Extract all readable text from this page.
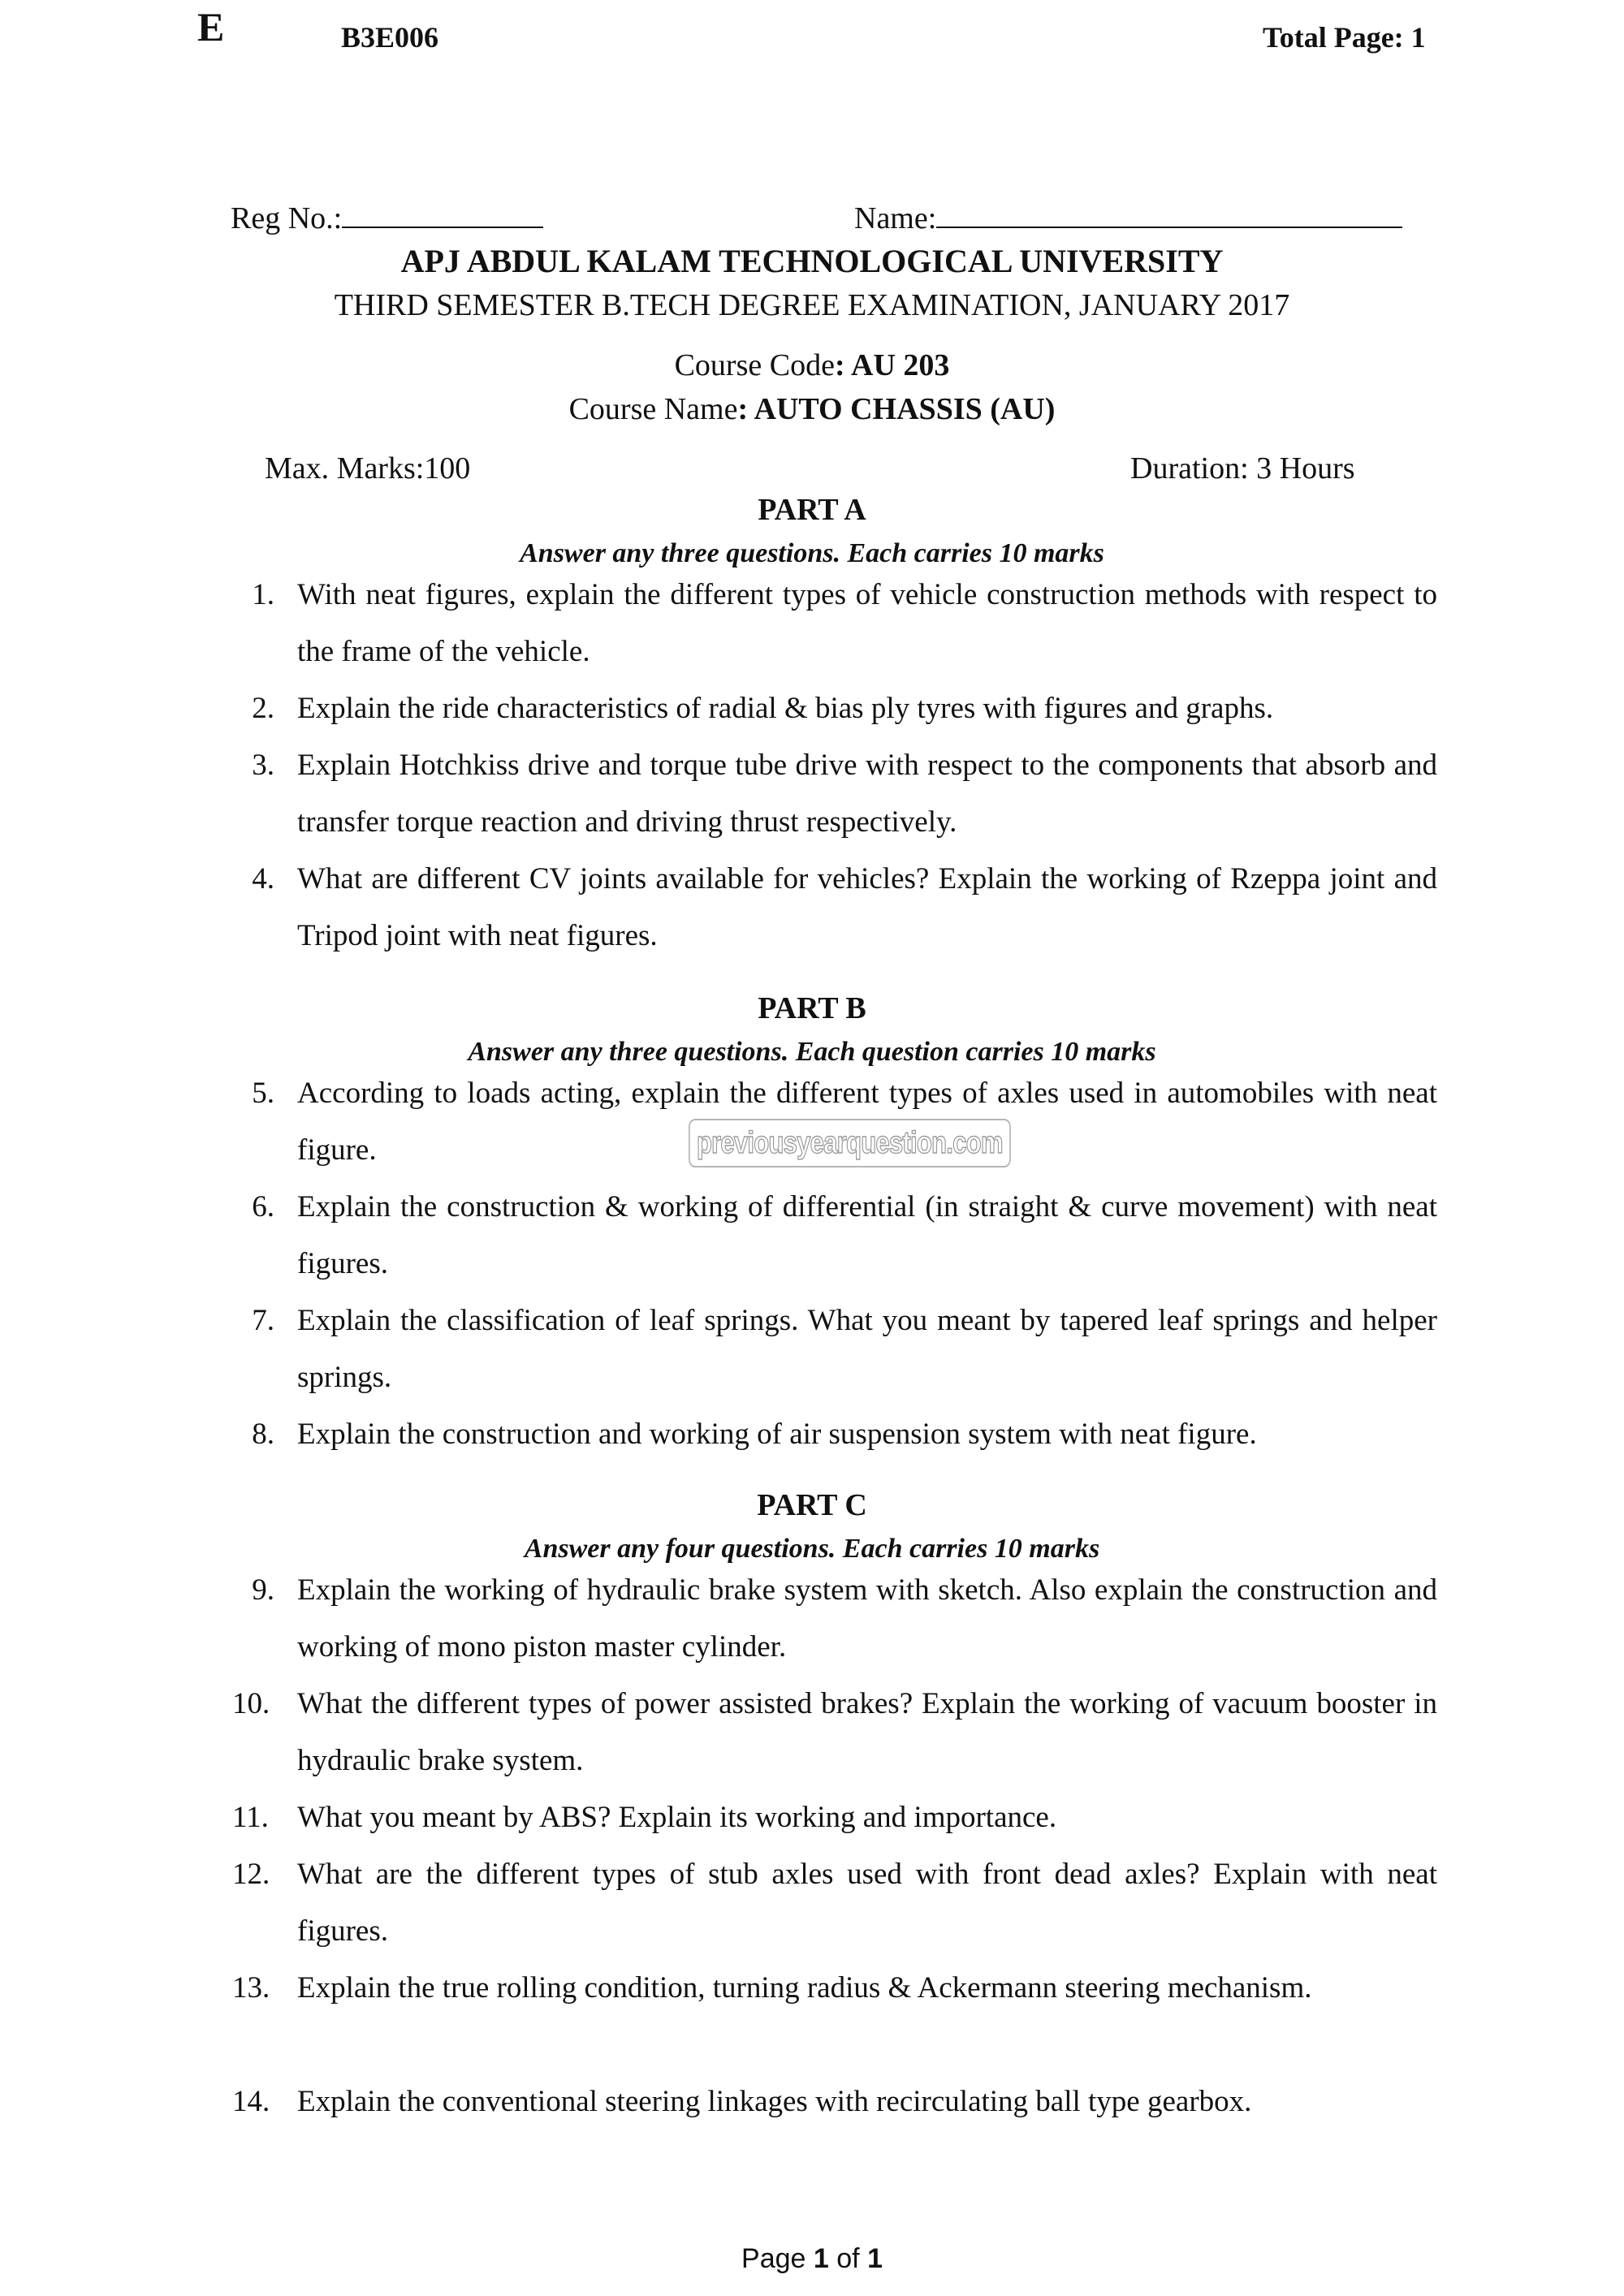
E	B3E006	Total Page: 1
Reg No.:	Name:
APJ ABDUL KALAM TECHNOLOGICAL UNIVERSITY
THIRD SEMESTER B.TECH DEGREE EXAMINATION, JANUARY 2017
Course Code: AU 203
Course Name: AUTO CHASSIS (AU)
Max. Marks:100	Duration: 3 Hours
PART A
Answer any three questions. Each carries 10 marks
1. With neat figures, explain the different types of vehicle construction methods with respect to the frame of the vehicle.
2. Explain the ride characteristics of radial & bias ply tyres with figures and graphs.
3. Explain Hotchkiss drive and torque tube drive with respect to the components that absorb and transfer torque reaction and driving thrust respectively.
4. What are different CV joints available for vehicles? Explain the working of Rzeppa joint and Tripod joint with neat figures.
PART B
Answer any three questions. Each question carries 10 marks
5. According to loads acting, explain the different types of axles used in automobiles with neat figure.
6. Explain the construction & working of differential (in straight & curve movement) with neat figures.
7. Explain the classification of leaf springs. What you meant by tapered leaf springs and helper springs.
8. Explain the construction and working of air suspension system with neat figure.
previousyearquestion.com
PART C
Answer any four questions. Each carries 10 marks
9. Explain the working of hydraulic brake system with sketch. Also explain the construction and working of mono piston master cylinder.
10. What the different types of power assisted brakes? Explain the working of vacuum booster in hydraulic brake system.
11. What you meant by ABS? Explain its working and importance.
12. What are the different types of stub axles used with front dead axles? Explain with neat figures.
13. Explain the true rolling condition, turning radius & Ackermann steering mechanism.
14. Explain the conventional steering linkages with recirculating ball type gearbox.
Page 1 of 1
